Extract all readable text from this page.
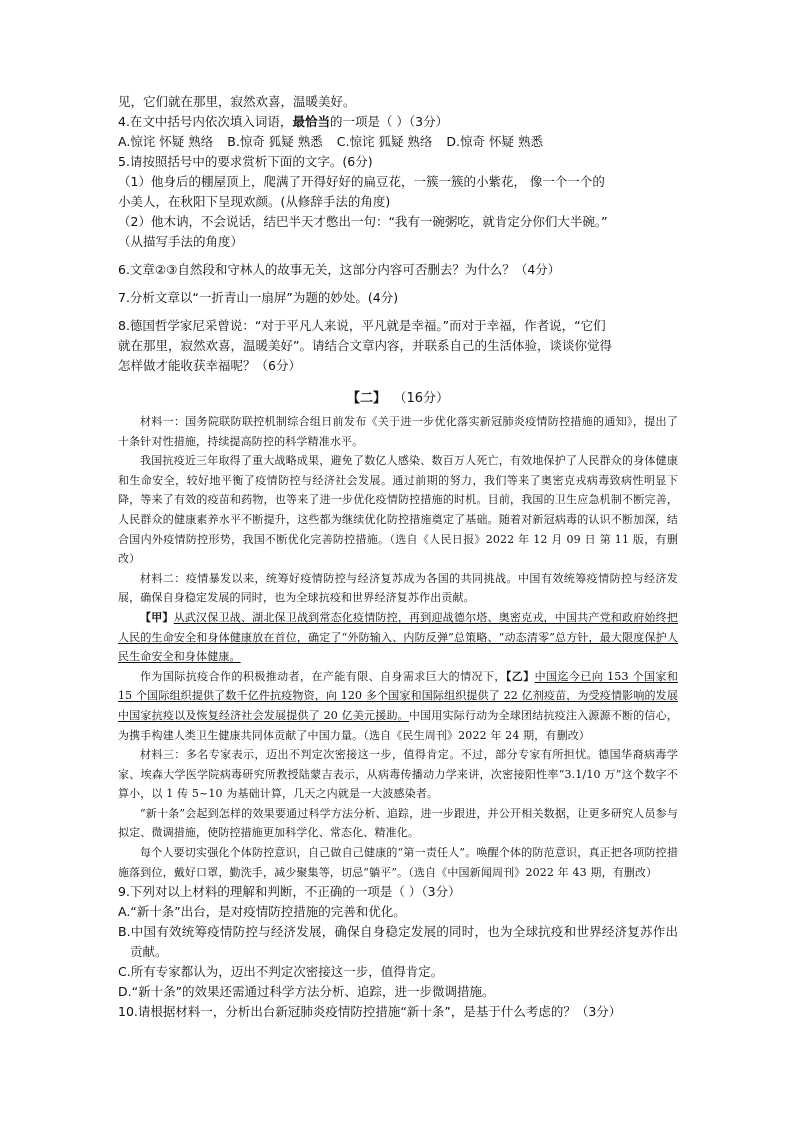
见，它们就在那里，寂然欢喜，温暖美好。
4.在文中括号内依次填入词语，最恰当的一项是（ ）（3分）
A.惊诧 怀疑 熟络 B.惊奇 狐疑 熟悉 C.惊诧 狐疑 熟络 D.惊奇 怀疑 熟悉
5.请按照括号中的要求赏析下面的文字。(6分)
（1）他身后的棚屋顶上，爬满了开得好好的扁豆花，一簇一簇的小紫花， 像一个一个的
小美人，在秋阳下呈现欢颜。(从修辞手法的角度)
（2）他木讷，不会说话，结巴半天才憋出一句：“我有一碗粥吃，就肯定分你们大半碗。”
（从描写手法的角度）
6.文章②③自然段和守林人的故事无关，这部分内容可否删去？为什么？（4分）
7.分析文章以“一折青山一扇屏”为题的妙处。(4分)
8.德国哲学家尼采曾说：“对于平凡人来说，平凡就是幸福。”而对于幸福，作者说，“它们
就在那里，寂然欢喜，温暖美好”。请结合文章内容，并联系自己的生活体验，谈谈你觉得
怎样做才能收获幸福呢？（6分）
【二】 （16分）
材料一：国务院联防联控机制综合组日前发布《关于进一步优化落实新冠肺炎疫情防控措施的通知》，提出了十条针对性措施，持续提高防控的科学精准水平。
我国抗疫近三年取得了重大战略成果，避免了数亿人感染、数百万人死亡，有效地保护了人民群众的身体健康和生命安全，较好地平衡了疫情防控与经济社会发展。通过前期的努力，我们等来了奥密克戎病毒致病性明显下降，等来了有效的疫苗和药物，也等来了进一步优化疫情防控措施的时机。目前，我国的卫生应急机制不断完善，人民群众的健康素养水平不断提升，这些都为继续优化防控措施奠定了基础。随着对新冠病毒的认识不断加深，结合国内外疫情防控形势，我国不断优化完善防控措施。（选自《人民日报》2022 年 12 月 09 日 第 11 版，有删改）
材料二：疫情暴发以来，统筹好疫情防控与经济复苏成为各国的共同挑战。中国有效统筹疫情防控与经济发展，确保自身稳定发展的同时，也为全球抗疫和世界经济复苏作出贡献。
【甲】从武汉保卫战、湖北保卫战到常态化疫情防控，再到迎战德尔塔、奥密克戎，中国共产党和政府始终把人民的生命安全和身体健康放在首位，确定了“外防输入、内防反弹”总策略、“动态清零”总方针，最大限度保护人民生命安全和身体健康。
作为国际抗疫合作的积极推动者，在产能有限、自身需求巨大的情况下，【乙】中国迄今已向 153 个国家和 15 个国际组织提供了数千亿件抗疫物资，向 120 多个国家和国际组织提供了 22 亿剂疫苗，为受疫情影响的发展中国家抗疫以及恢复经济社会发展提供了 20 亿美元援助。中国用实际行动为全球团结抗疫注入源源不断的信心，为携手构建人类卫生健康共同体贡献了中国力量。（选自《民生周刊》2022 年 24 期，有删改）
材料三：多名专家表示，迈出不判定次密接这一步，值得肯定。不过，部分专家有所担忧。德国华裔病毒学家、埃森大学医学院病毒研究所教授陆蒙吉表示，从病毒传播动力学来讲，次密接阳性率“3.1/10 万”这个数字不算小，以 1 传 5~10 为基础计算，几天之内就是一大波感染者。
“新十条”会起到怎样的效果要通过科学方法分析、追踪，进一步跟进，并公开相关数据，让更多研究人员参与拟定、微调措施，使防控措施更加科学化、常态化、精准化。
每个人要切实强化个体防控意识，自己做自己健康的“第一责任人”。唤醒个体的防范意识，真正把各项防控措施落到位，戴好口罩，勤洗手，减少聚集等，切忌“躺平”。（选自《中国新闻周刊》2022 年 43 期，有删改）
9.下列对以上材料的理解和判断，不正确的一项是（ ）（3分）
A.“新十条”出台，是对疫情防控措施的完善和优化。
B.中国有效统筹疫情防控与经济发展，确保自身稳定发展的同时，也为全球抗疫和世界经济复苏作出贡献。
C.所有专家都认为，迈出不判定次密接这一步，值得肯定。
D.“新十条”的效果还需通过科学方法分析、追踪，进一步微调措施。
10.请根据材料一，分析出台新冠肺炎疫情防控措施“新十条”，是基于什么考虑的？（3分）
